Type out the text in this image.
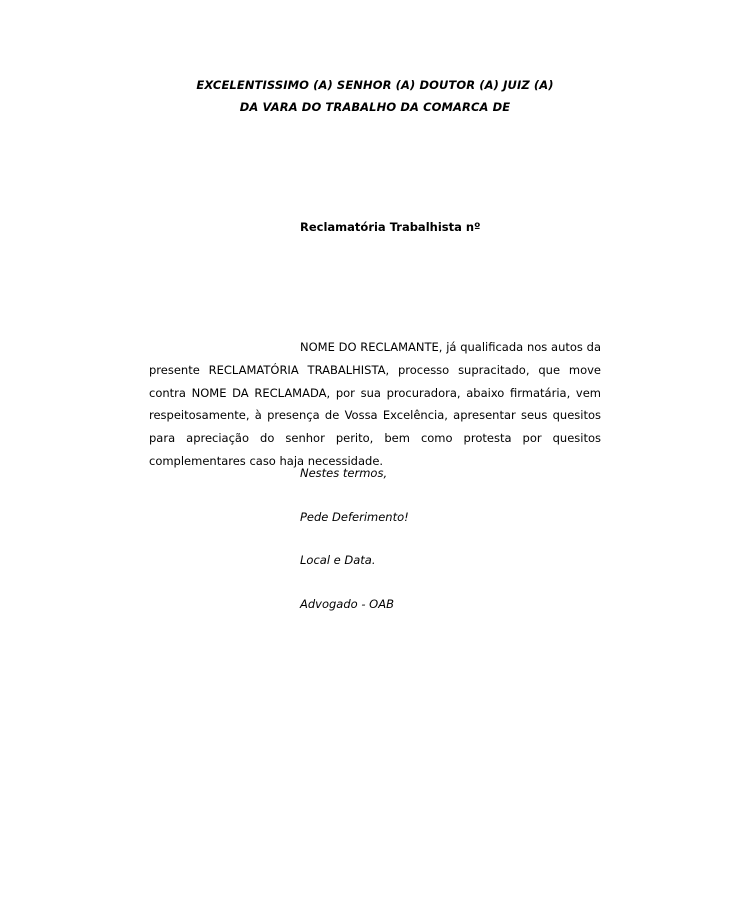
EXCELENTISSIMO (A) SENHOR (A) DOUTOR (A) JUIZ (A)
DA VARA DO TRABALHO DA COMARCA DE
Reclamatória Trabalhista nº
NOME DO RECLAMANTE, já qualificada nos autos da presente RECLAMATÓRIA TRABALHISTA, processo supracitado, que move contra NOME DA RECLAMADA, por sua procuradora, abaixo firmatária, vem respeitosamente, à presença de Vossa Excelência, apresentar seus quesitos para apreciação do senhor perito, bem como protesta por quesitos complementares caso haja necessidade.
Nestes termos,
Pede Deferimento!
Local e Data.
Advogado - OAB
